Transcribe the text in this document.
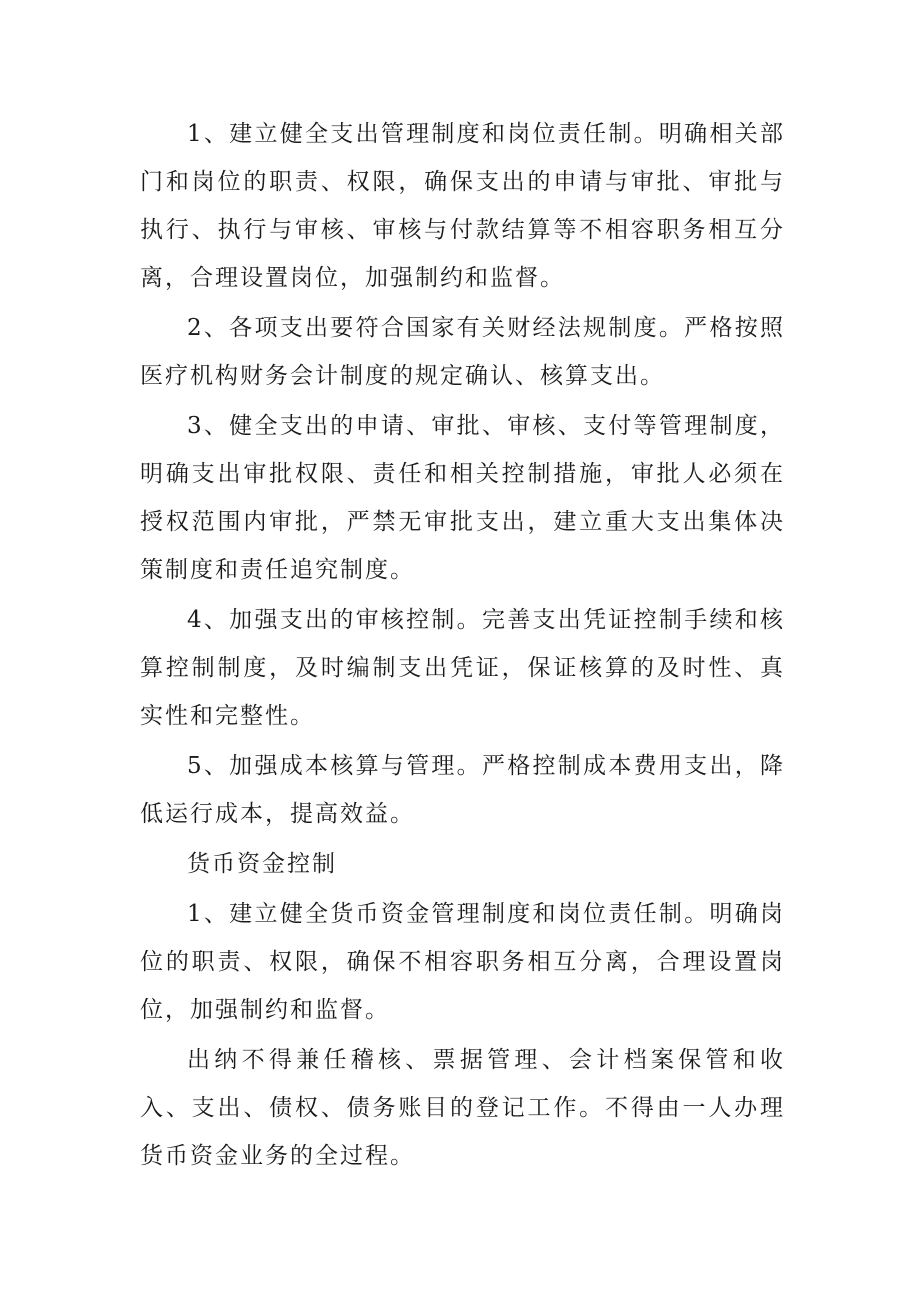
1、建立健全支出管理制度和岗位责任制。明确相关部门和岗位的职责、权限，确保支出的申请与审批、审批与执行、执行与审核、审核与付款结算等不相容职务相互分离，合理设置岗位，加强制约和监督。

2、各项支出要符合国家有关财经法规制度。严格按照医疗机构财务会计制度的规定确认、核算支出。

3、健全支出的申请、审批、审核、支付等管理制度，明确支出审批权限、责任和相关控制措施，审批人必须在授权范围内审批，严禁无审批支出，建立重大支出集体决策制度和责任追究制度。

4、加强支出的审核控制。完善支出凭证控制手续和核算控制制度，及时编制支出凭证，保证核算的及时性、真实性和完整性。

5、加强成本核算与管理。严格控制成本费用支出，降低运行成本，提高效益。

货币资金控制

1、建立健全货币资金管理制度和岗位责任制。明确岗位的职责、权限，确保不相容职务相互分离，合理设置岗位，加强制约和监督。

出纳不得兼任稽核、票据管理、会计档案保管和收入、支出、债权、债务账目的登记工作。不得由一人办理货币资金业务的全过程。
